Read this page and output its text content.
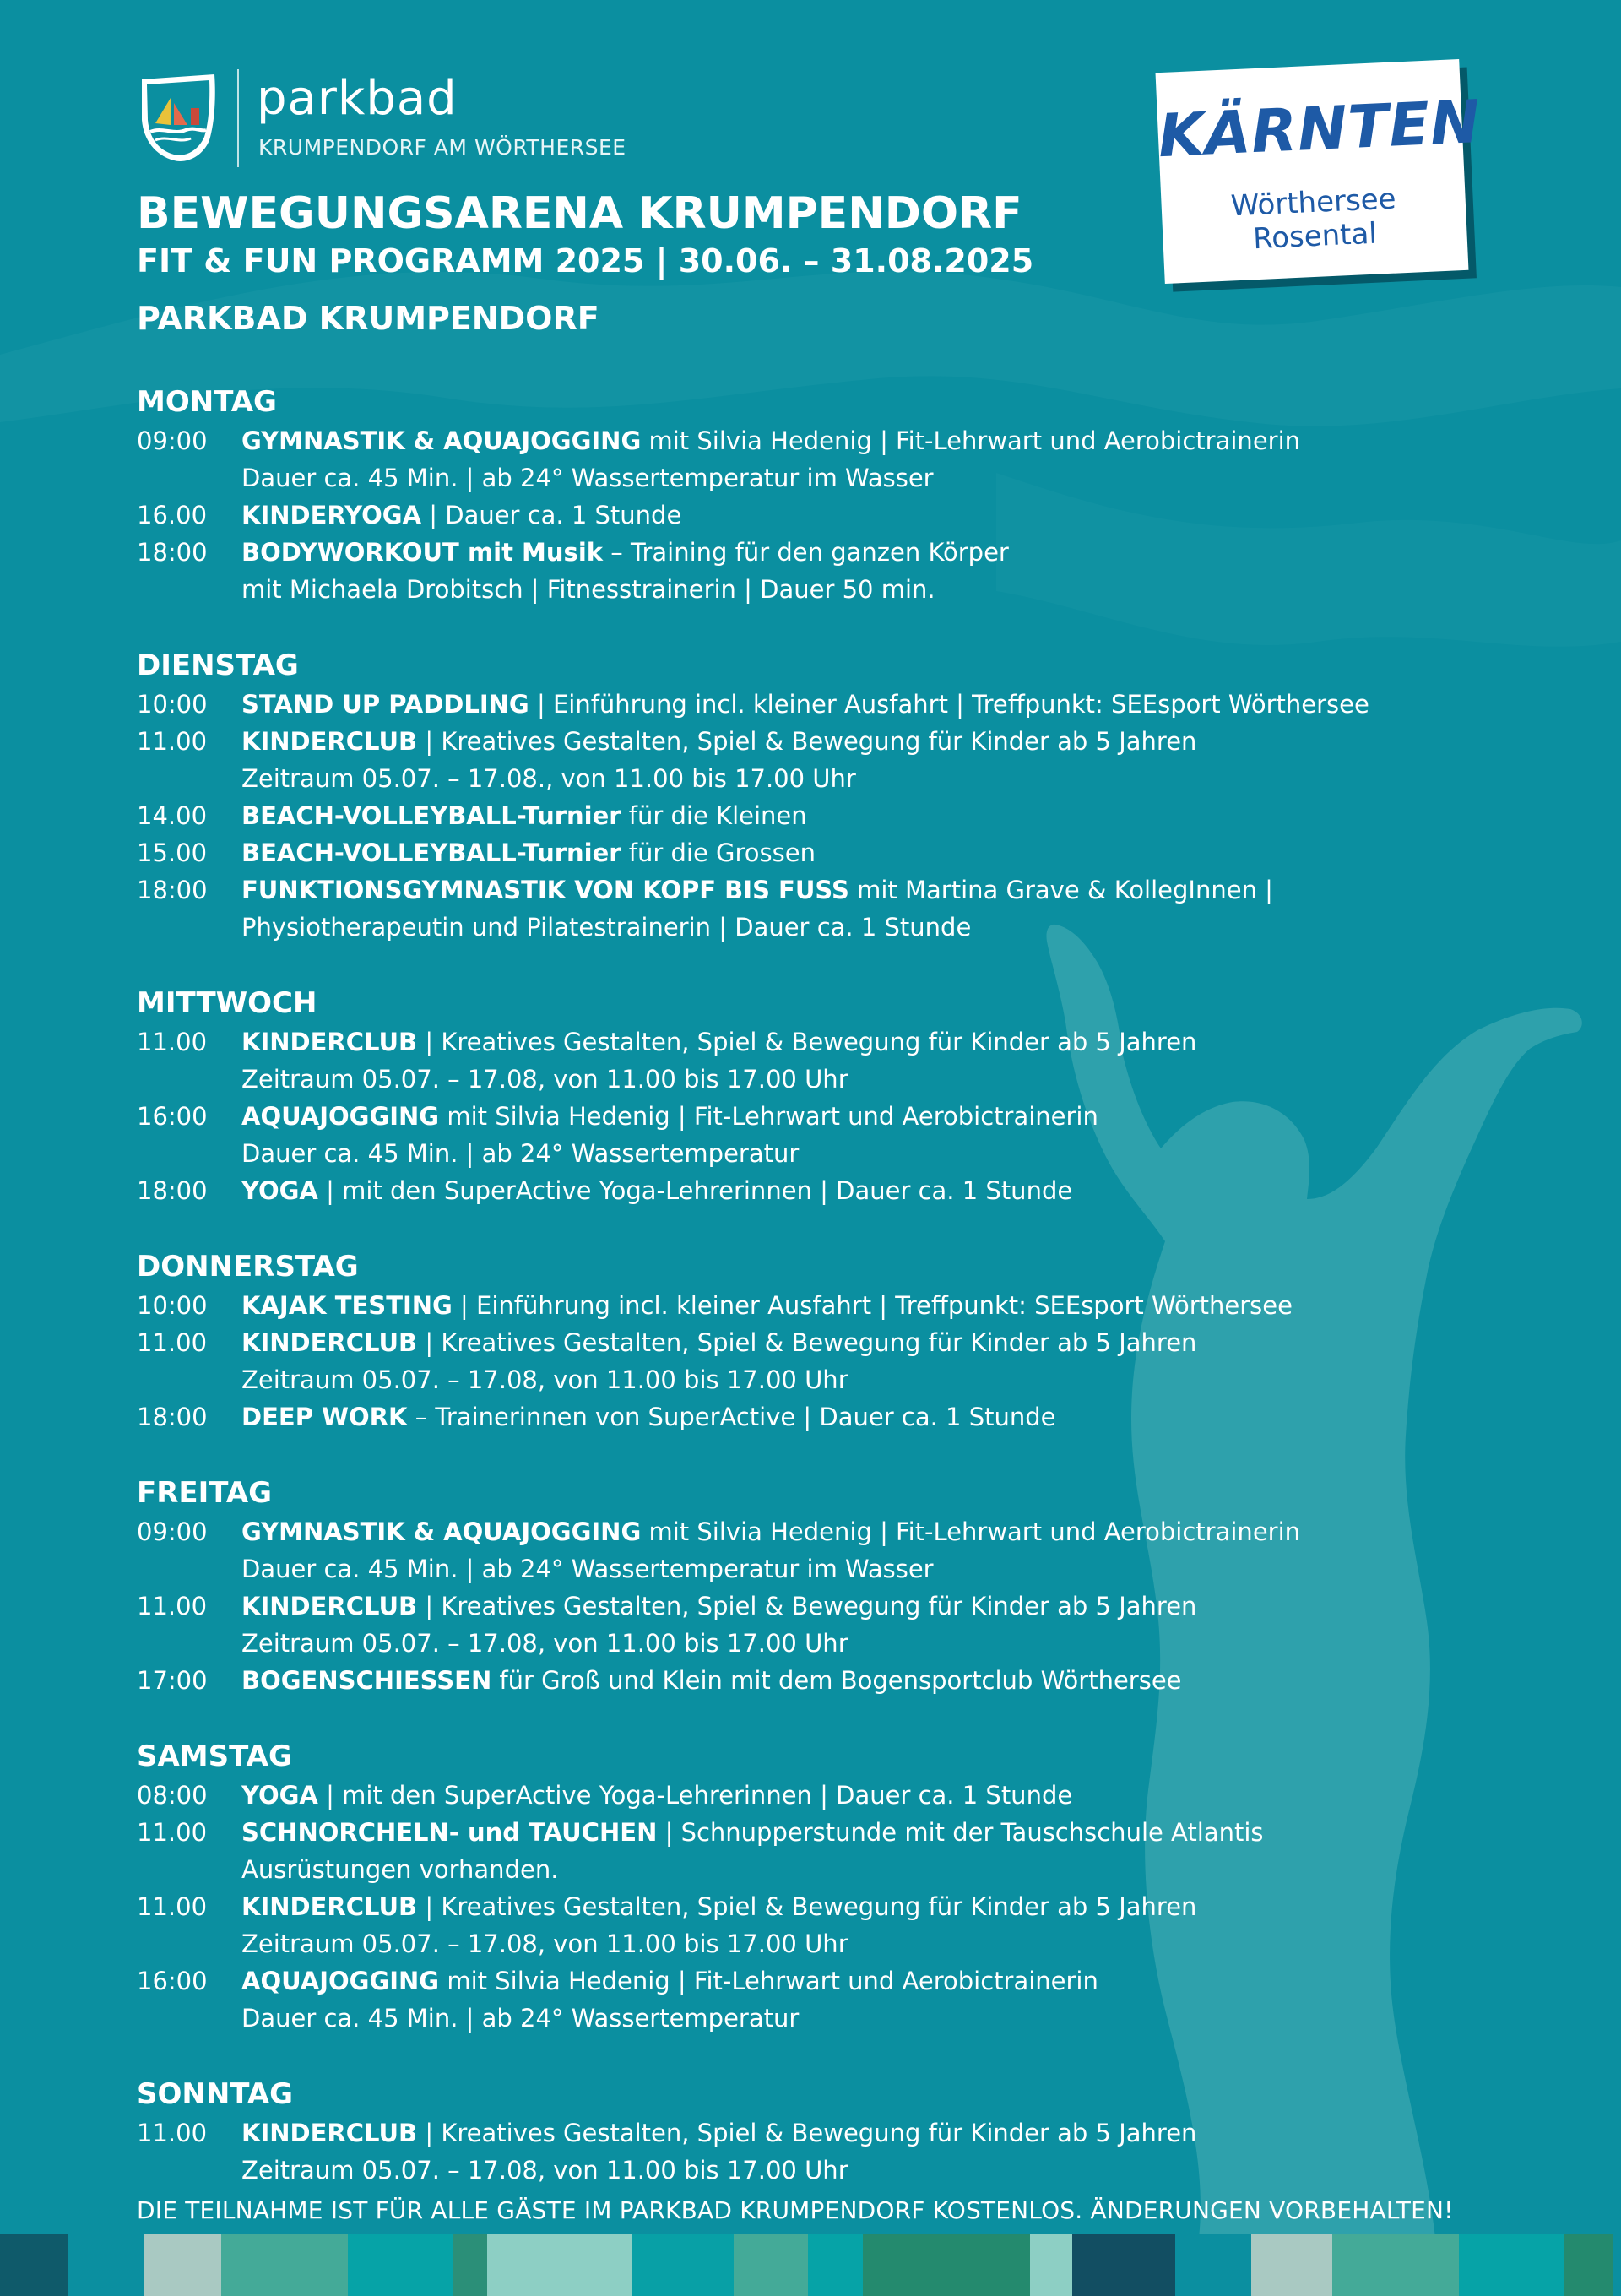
parkbad
KRUMPENDORF AM WÖRTHERSEE	KÄRNTEN
Wörthersee
Rosental
BEWEGUNGSARENA KRUMPENDORF
FIT & FUN PROGRAMM 2025 | 30.06. – 31.08.2025
PARKBAD KRUMPENDORF
MONTAG
09:00	GYMNASTIK & AQUAJOGGING mit Silvia Hedenig | Fit-Lehrwart und Aerobictrainerin
Dauer ca. 45 Min. | ab 24° Wassertemperatur im Wasser
16.00	KINDERYOGA | Dauer ca. 1 Stunde
18:00	BODYWORKOUT mit Musik – Training für den ganzen Körper
mit Michaela Drobitsch | Fitnesstrainerin | Dauer 50 min.
DIENSTAG
10:00	STAND UP PADDLING | Einführung incl. kleiner Ausfahrt | Treffpunkt: SEEsport Wörthersee
11.00	KINDERCLUB | Kreatives Gestalten, Spiel & Bewegung für Kinder ab 5 Jahren
Zeitraum 05.07. – 17.08., von 11.00 bis 17.00 Uhr
14.00	BEACH-VOLLEYBALL-Turnier für die Kleinen
15.00	BEACH-VOLLEYBALL-Turnier für die Grossen
18:00	FUNKTIONSGYMNASTIK VON KOPF BIS FUSS mit Martina Grave & KollegInnen |
Physiotherapeutin und Pilatestrainerin | Dauer ca. 1 Stunde
MITTWOCH
11.00	KINDERCLUB | Kreatives Gestalten, Spiel & Bewegung für Kinder ab 5 Jahren
Zeitraum 05.07. – 17.08, von 11.00 bis 17.00 Uhr
16:00	AQUAJOGGING mit Silvia Hedenig | Fit-Lehrwart und Aerobictrainerin
Dauer ca. 45 Min. | ab 24° Wassertemperatur
18:00	YOGA | mit den SuperActive Yoga-Lehrerinnen | Dauer ca. 1 Stunde
DONNERSTAG
10:00	KAJAK TESTING | Einführung incl. kleiner Ausfahrt | Treffpunkt: SEEsport Wörthersee
11.00	KINDERCLUB | Kreatives Gestalten, Spiel & Bewegung für Kinder ab 5 Jahren
Zeitraum 05.07. – 17.08, von 11.00 bis 17.00 Uhr
18:00	DEEP WORK – Trainerinnen von SuperActive | Dauer ca. 1 Stunde
FREITAG
09:00	GYMNASTIK & AQUAJOGGING mit Silvia Hedenig | Fit-Lehrwart und Aerobictrainerin
Dauer ca. 45 Min. | ab 24° Wassertemperatur im Wasser
11.00	KINDERCLUB | Kreatives Gestalten, Spiel & Bewegung für Kinder ab 5 Jahren
Zeitraum 05.07. – 17.08, von 11.00 bis 17.00 Uhr
17:00	BOGENSCHIESSEN für Groß und Klein mit dem Bogensportclub Wörthersee
SAMSTAG
08:00	YOGA | mit den SuperActive Yoga-Lehrerinnen | Dauer ca. 1 Stunde
11.00	SCHNORCHELN- und TAUCHEN | Schnupperstunde mit der Tauschschule Atlantis
Ausrüstungen vorhanden.
11.00	KINDERCLUB | Kreatives Gestalten, Spiel & Bewegung für Kinder ab 5 Jahren
Zeitraum 05.07. – 17.08, von 11.00 bis 17.00 Uhr
16:00	AQUAJOGGING mit Silvia Hedenig | Fit-Lehrwart und Aerobictrainerin
Dauer ca. 45 Min. | ab 24° Wassertemperatur
SONNTAG
11.00	KINDERCLUB | Kreatives Gestalten, Spiel & Bewegung für Kinder ab 5 Jahren
Zeitraum 05.07. – 17.08, von 11.00 bis 17.00 Uhr
DIE TEILNAHME IST FÜR ALLE GÄSTE IM PARKBAD KRUMPENDORF KOSTENLOS. ÄNDERUNGEN VORBEHALTEN!
